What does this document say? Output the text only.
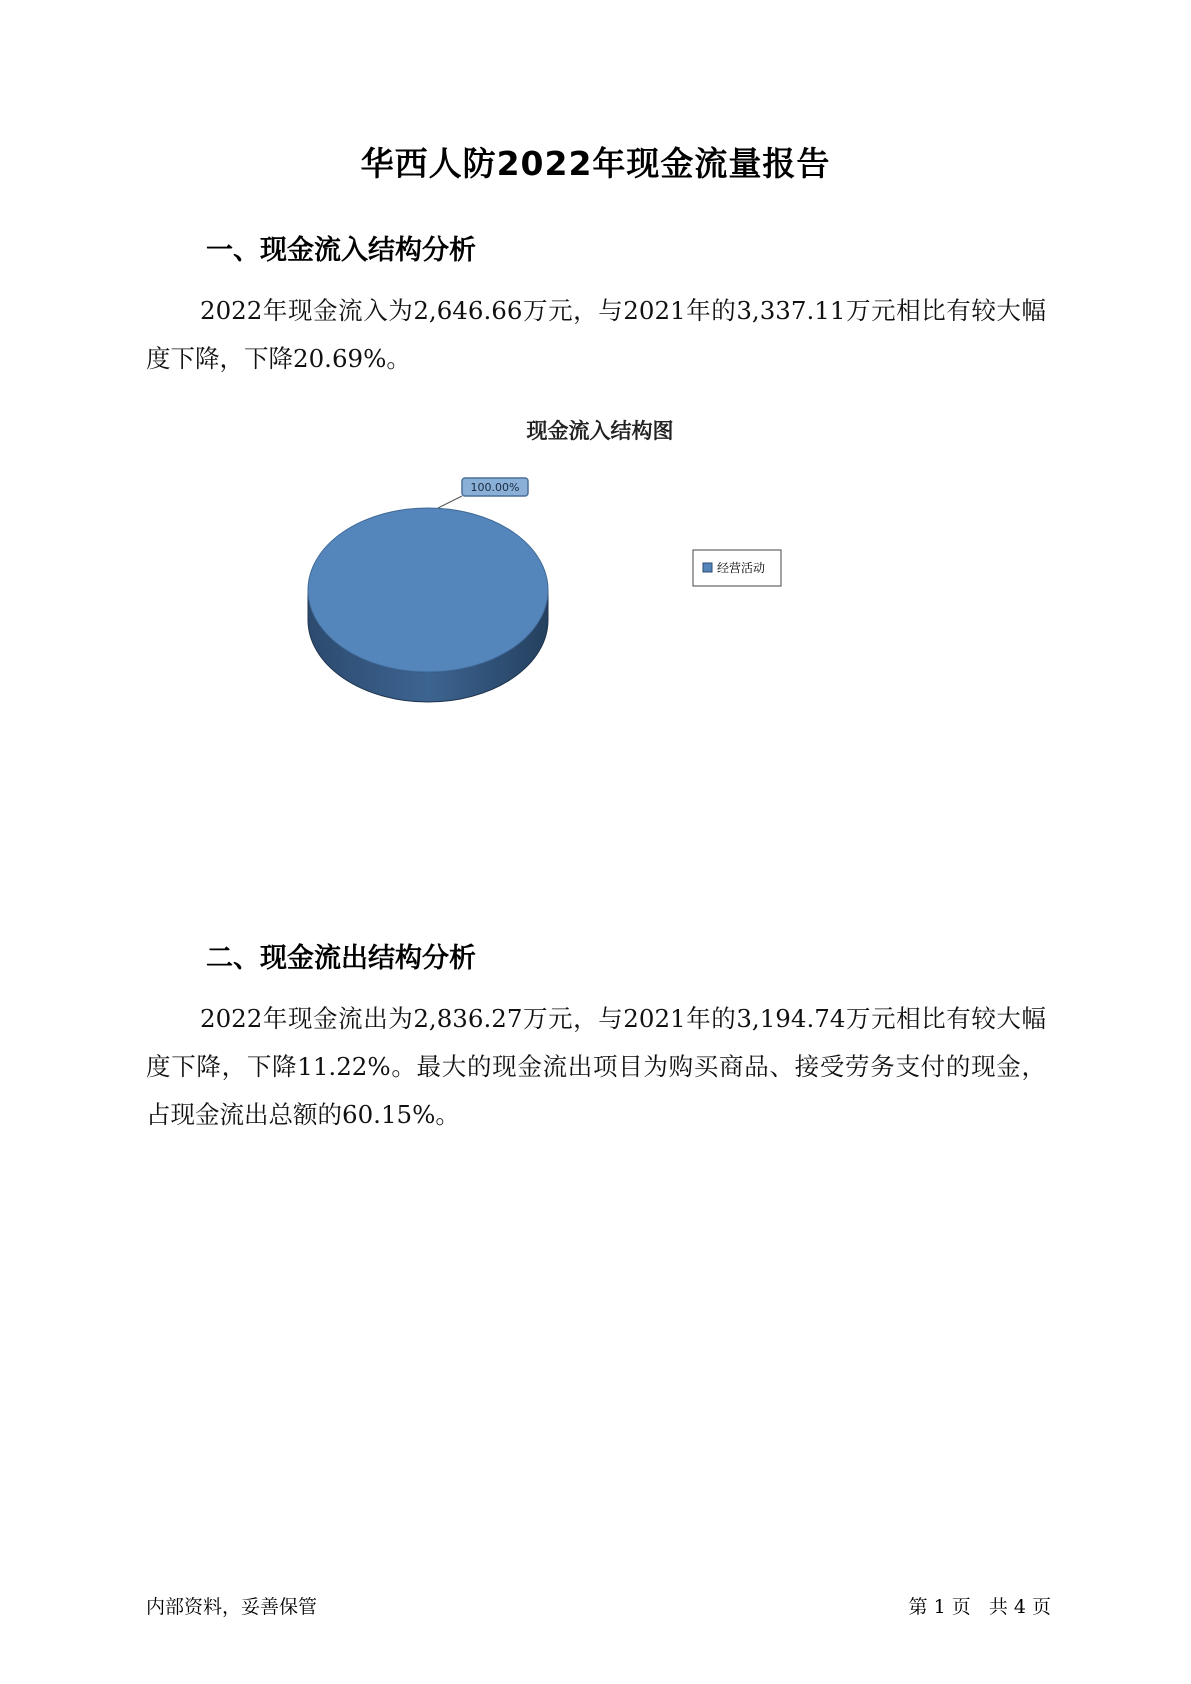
华西人防2022年现金流量报告
一、现金流入结构分析

2022年现金流入为2,646.66万元，与2021年的3,337.11万元相比有较大幅度下降，下降20.69%。

现金流入结构图
100.00%
经营活动
二、现金流出结构分析

2022年现金流出为2,836.27万元，与2021年的3,194.74万元相比有较大幅度下降，下降11.22%。最大的现金流出项目为购买商品、接受劳务支付的现金，占现金流出总额的60.15%。

内部资料，妥善保管	第 1 页   共 4 页
